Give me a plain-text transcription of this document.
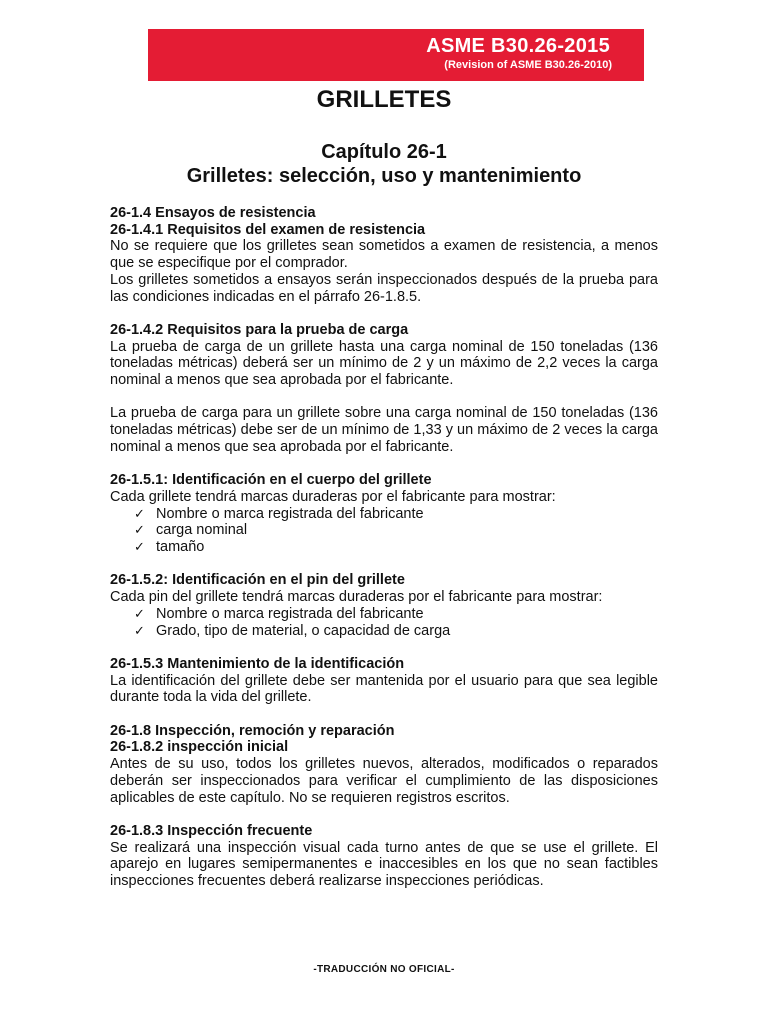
ASME B30.26-2015
(Revision of ASME B30.26-2010)
GRILLETES
Capítulo 26-1
Grilletes: selección, uso y mantenimiento

26-1.4 Ensayos de resistencia

26-1.4.1 Requisitos del examen de resistencia

No se requiere que los grilletes sean sometidos a examen de resistencia, a menos que se especifique por el comprador.

Los grilletes sometidos a ensayos serán inspeccionados después de la prueba para las condiciones indicadas en el párrafo 26-1.8.5.

26-1.4.2 Requisitos para la prueba de carga

La prueba de carga de un grillete hasta una carga nominal de 150 toneladas (136 toneladas métricas) deberá ser un mínimo de 2 y un máximo de 2,2 veces la carga nominal a menos que sea aprobada por el fabricante.

La prueba de carga para un grillete sobre una carga nominal de 150 toneladas (136 toneladas métricas) debe ser de un mínimo de 1,33 y un máximo de 2 veces la carga nominal a menos que sea aprobada por el fabricante.

26-1.5.1: Identificación en el cuerpo del grillete

Cada grillete tendrá marcas duraderas por el fabricante para mostrar:

✓ Nombre o marca registrada del fabricante
✓ carga nominal
✓ tamaño

26-1.5.2: Identificación en el pin del grillete

Cada pin del grillete tendrá marcas duraderas por el fabricante para mostrar:

✓ Nombre o marca registrada del fabricante
✓ Grado, tipo de material, o capacidad de carga

26-1.5.3 Mantenimiento de la identificación

La identificación del grillete debe ser mantenida por el usuario para que sea legible durante toda la vida del grillete.

26-1.8 Inspección, remoción y reparación

26-1.8.2 inspección inicial

Antes de su uso, todos los grilletes nuevos, alterados, modificados o reparados deberán ser inspeccionados para verificar el cumplimiento de las disposiciones aplicables de este capítulo. No se requieren registros escritos.

26-1.8.3 Inspección frecuente

Se realizará una inspección visual cada turno antes de que se use el grillete. El aparejo en lugares semipermanentes e inaccesibles en los que no sean factibles inspecciones frecuentes deberá realizarse inspecciones periódicas.

-TRADUCCIÓN NO OFICIAL-
